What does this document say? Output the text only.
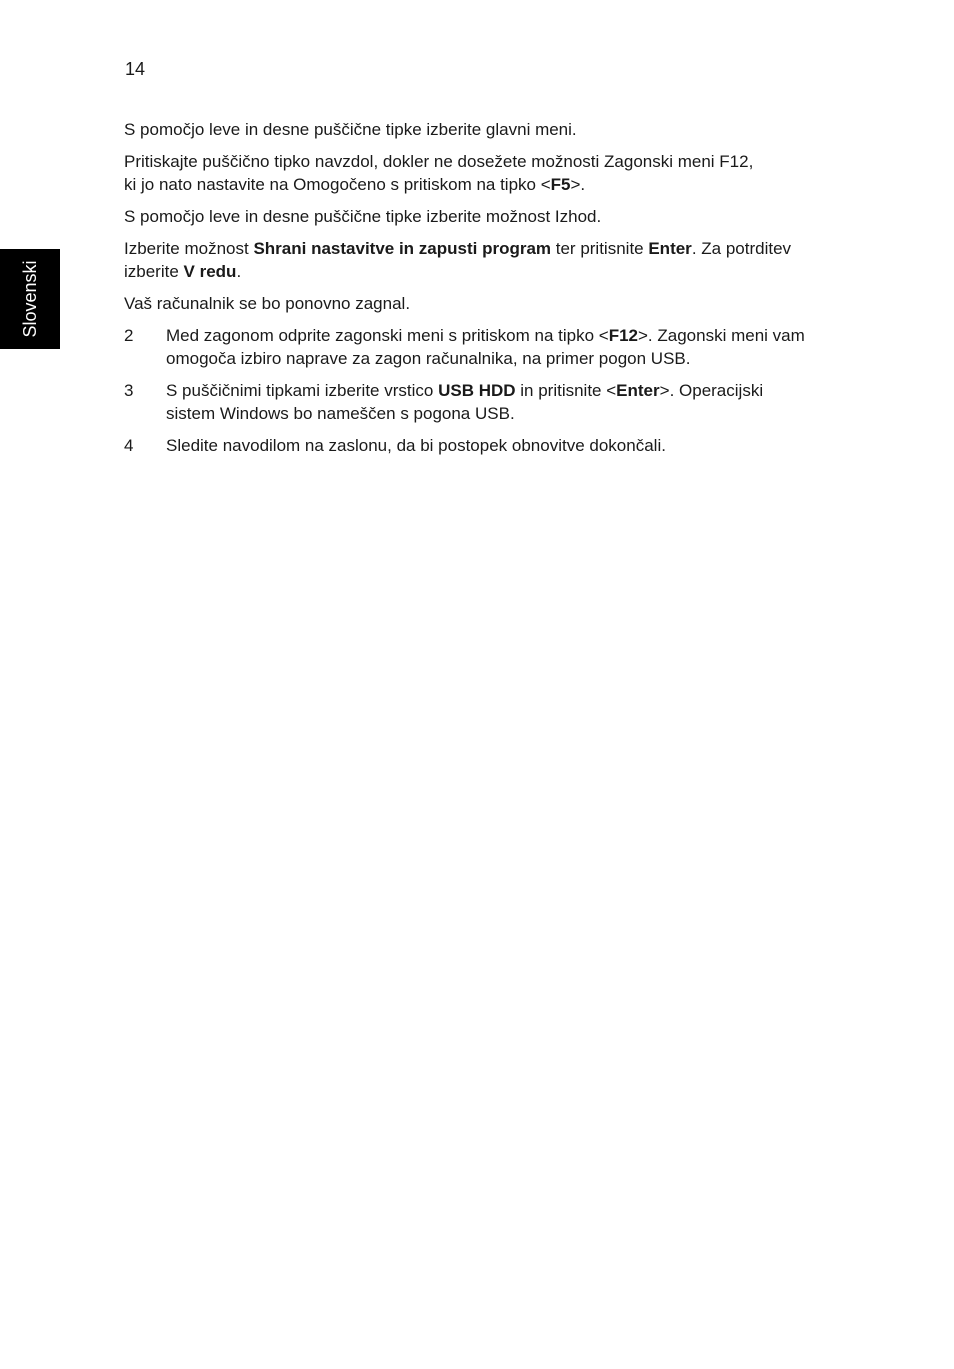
14
Slovenski

S pomočjo leve in desne puščične tipke izberite glavni meni.

Pritiskajte puščično tipko navzdol, dokler ne dosežete možnosti Zagonski meni F12,
ki jo nato nastavite na Omogočeno s pritiskom na tipko <F5>.

S pomočjo leve in desne puščične tipke izberite možnost Izhod.

Izberite možnost Shrani nastavitve in zapusti program ter pritisnite Enter. Za potrditev izberite V redu.

Vaš računalnik se bo ponovno zagnal.

2	Med zagonom odprite zagonski meni s pritiskom na tipko <F12>. Zagonski meni vam omogoča izbiro naprave za zagon računalnika, na primer pogon USB.
3	S puščičnimi tipkami izberite vrstico USB HDD in pritisnite <Enter>. Operacijski sistem Windows bo nameščen s pogona USB.
4	Sledite navodilom na zaslonu, da bi postopek obnovitve dokončali.
